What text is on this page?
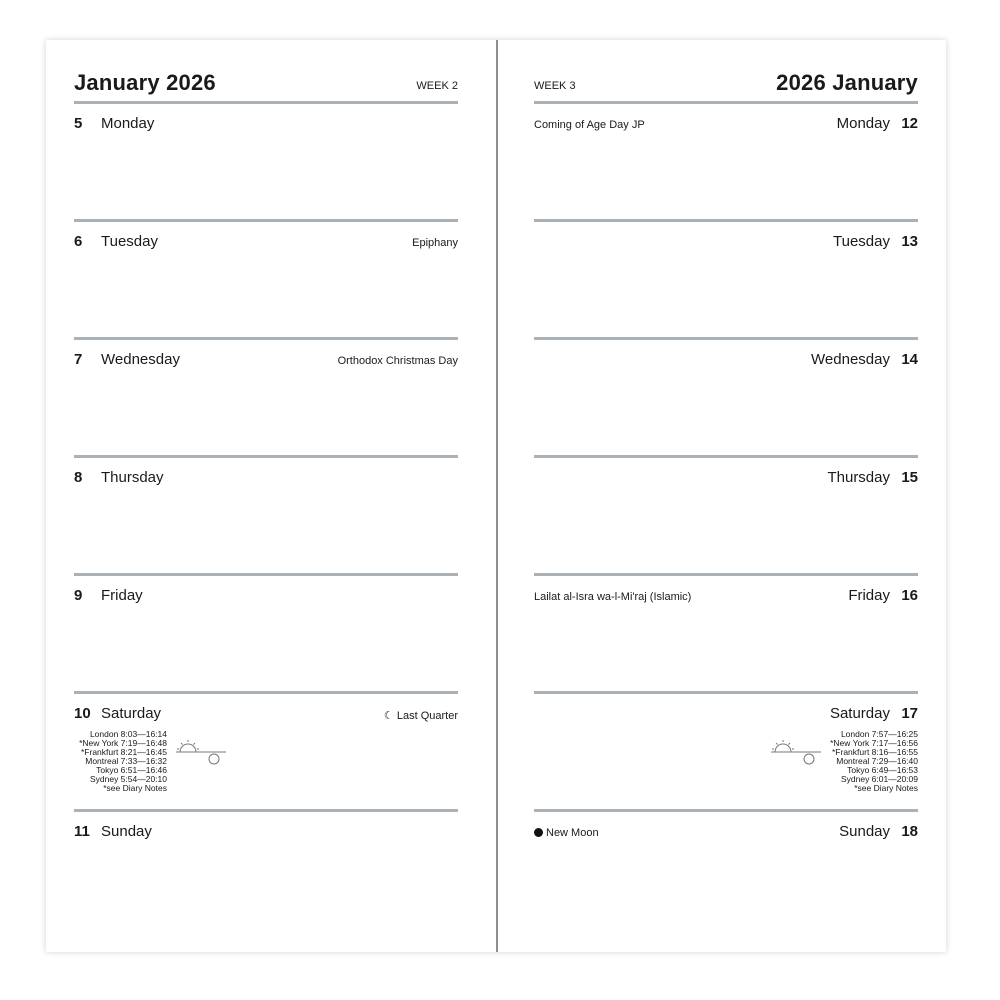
January 2026	WEEK 2
5 Monday
6 Tuesday	Epiphany
7 Wednesday	Orthodox Christmas Day
8 Thursday
9 Friday
10 Saturday	☾ Last Quarter
London 8:03—16:14
*New York 7:19—16:48
*Frankfurt 8:21—16:45
Montreal 7:33—16:32
Tokyo 6:51—16:46
Sydney 5:54—20:10
*see Diary Notes
11 Sunday
WEEK 3	2026 January
Coming of Age Day JP	Monday 12
Tuesday 13
Wednesday 14
Thursday 15
Lailat al-Isra wa-l-Mi'raj (Islamic)	Friday 16
Saturday 17
London 7:57—16:25
*New York 7:17—16:56
*Frankfurt 8:16—16:55
Montreal 7:29—16:40
Tokyo 6:49—16:53
Sydney 6:01—20:09
*see Diary Notes
New Moon	Sunday 18
